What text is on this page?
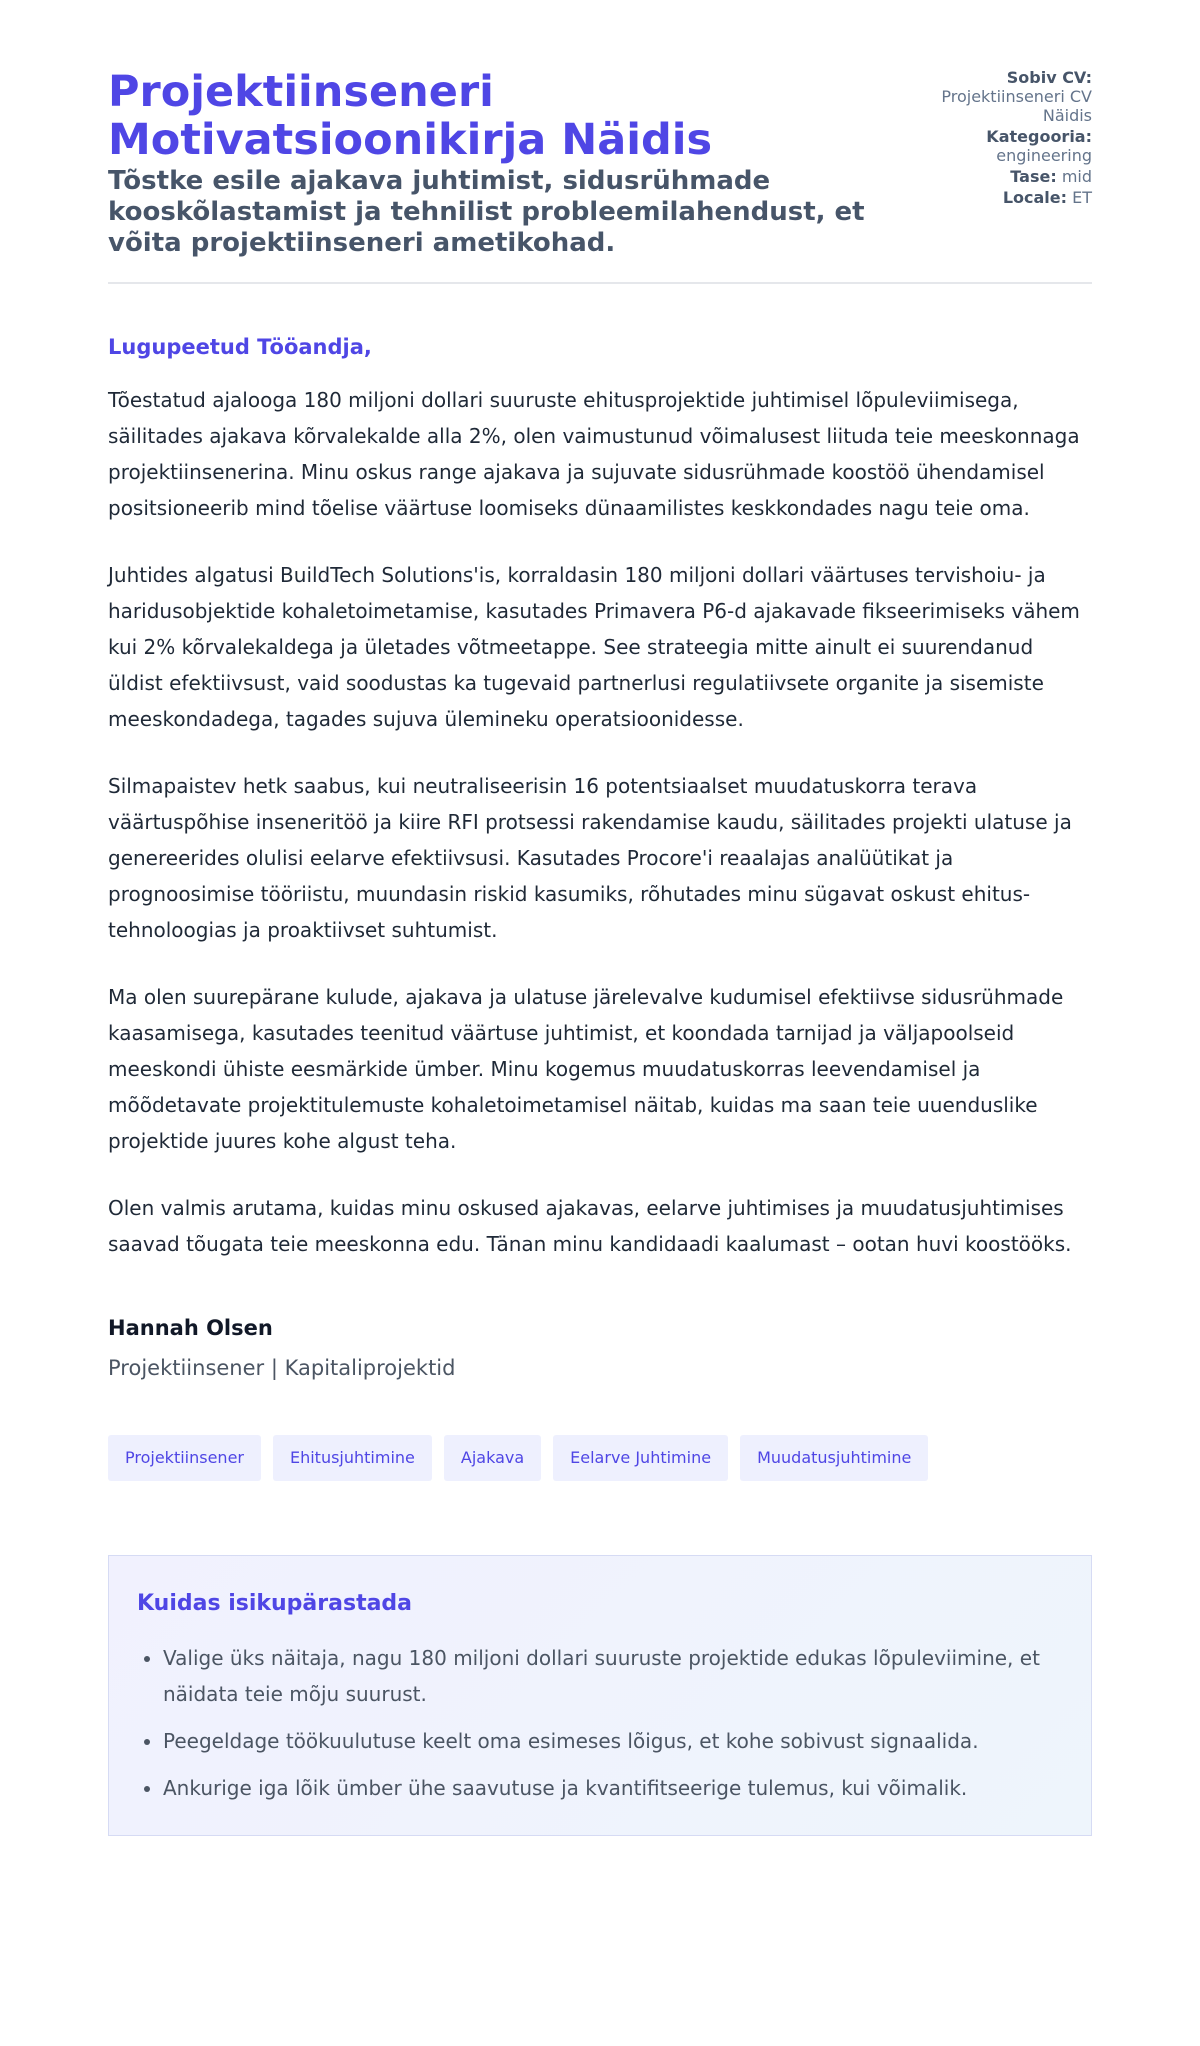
Projektiinseneri Motivatsioonikirja Näidis
Tõstke esile ajakava juhtimist, sidusrühmade kooskõlastamist ja tehnilist probleemilahendust, et võita projektiinseneri ametikohad.
Sobiv CV:
Projektiinseneri CV Näidis
Kategooria:
engineering
Tase: mid
Locale: ET

Lugupeetud Tööandja,

Tõestatud ajalooga 180 miljoni dollari suuruste ehitusprojektide juhtimisel lõpuleviimisega, säilitades ajakava kõrvalekalde alla 2%, olen vaimustunud võimalusest liituda teie meeskonnaga projektiinsenerina. Minu oskus range ajakava ja sujuvate sidusrühmade koostöö ühendamisel positsioneerib mind tõelise väärtuse loomiseks dünaamilistes keskkondades nagu teie oma.

Juhtides algatusi BuildTech Solutions'is, korraldasin 180 miljoni dollari väärtuses tervishoiu- ja haridusobjektide kohaletoimetamise, kasutades Primavera P6-d ajakavade fikseerimiseks vähem kui 2% kõrvalekaldega ja ületades võtmeetappe. See strateegia mitte ainult ei suurendanud üldist efektiivsust, vaid soodustas ka tugevaid partnerlusi regulatiivsete organite ja sisemiste meeskondadega, tagades sujuva ülemineku operatsioonidesse.

Silmapaistev hetk saabus, kui neutraliseerisin 16 potentsiaalset muudatuskorra terava väärtuspõhise inseneritöö ja kiire RFI protsessi rakendamise kaudu, säilitades projekti ulatuse ja genereerides olulisi eelarve efektiivsusi. Kasutades Procore'i reaalajas analüütikat ja prognoosimise tööriistu, muundasin riskid kasumiks, rõhutades minu sügavat oskust ehitus-tehnoloogias ja proaktiivset suhtumist.

Ma olen suurepärane kulude, ajakava ja ulatuse järelevalve kudumisel efektiivse sidusrühmade kaasamisega, kasutades teenitud väärtuse juhtimist, et koondada tarnijad ja väljapoolseid meeskondi ühiste eesmärkide ümber. Minu kogemus muudatuskorras leevendamisel ja mõõdetavate projektitulemuste kohaletoimetamisel näitab, kuidas ma saan teie uuenduslike projektide juures kohe algust teha.

Olen valmis arutama, kuidas minu oskused ajakavas, eelarve juhtimises ja muudatusjuhtimises saavad tõugata teie meeskonna edu. Tänan minu kandidaadi kaalumast – ootan huvi koostööks.

Hannah Olsen
Projektiinsener | Kapitaliprojektid
Projektiinsener	Ehitusjuhtimine	Ajakava	Eelarve Juhtimine	Muudatusjuhtimine
Kuidas isikupärastada
• Valige üks näitaja, nagu 180 miljoni dollari suuruste projektide edukas lõpuleviimine, et näidata teie mõju suurust.
• Peegeldage töökuulutuse keelt oma esimeses lõigus, et kohe sobivust signaalida.
• Ankurige iga lõik ümber ühe saavutuse ja kvantifitseerige tulemus, kui võimalik.
